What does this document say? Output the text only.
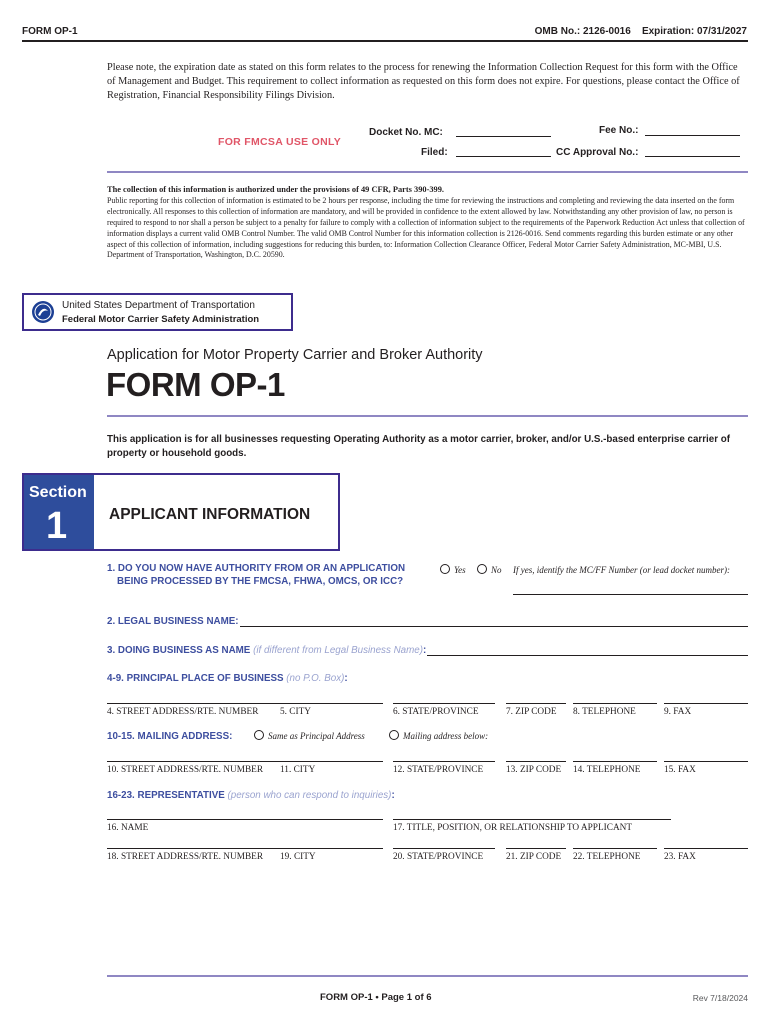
FORM OP-1	OMB No.: 2126-0016 Expiration: 07/31/2027
Please note, the expiration date as stated on this form relates to the process for renewing the Information Collection Request for this form with the Office of Management and Budget. This requirement to collect information as requested on this form does not expire. For questions, please contact the Office of Registration, Financial Responsibility Filings Division.
FOR FMCSA USE ONLY
Docket No. MC:	Fee No.:
Filed:	CC Approval No.:
The collection of this information is authorized under the provisions of 49 CFR, Parts 390-399.
Public reporting for this collection of information is estimated to be 2 hours per response, including the time for reviewing the instructions and completing and reviewing the data inserted on the form electronically. All responses to this collection of information are mandatory, and will be provided in confidence to the extent allowed by law. Notwithstanding any other provision of law, no person is required to respond to nor shall a person be subject to a penalty for failure to comply with a collection of information subject to the requirements of the Paperwork Reduction Act unless that collection of information displays a current valid OMB Control Number. The valid OMB Control Number for this information collection is 2126-0016. Send comments regarding this burden estimate or any other aspect of this collection of information, including suggestions for reducing this burden, to: Information Collection Clearance Officer, Federal Motor Carrier Safety Administration, MC-MBI, U.S. Department of Transportation, Washington, D.C. 20590.
United States Department of Transportation
Federal Motor Carrier Safety Administration
Application for Motor Property Carrier and Broker Authority
FORM OP-1
This application is for all businesses requesting Operating Authority as a motor carrier, broker, and/or U.S.-based enterprise carrier of property or household goods.
Section
1	APPLICANT INFORMATION
1. DO YOU NOW HAVE AUTHORITY FROM OR AN APPLICATION
BEING PROCESSED BY THE FMCSA, FHWA, OMCS, OR ICC?
Yes	No If yes, identify the MC/FF Number (or lead docket number):
2. LEGAL BUSINESS NAME:
3. DOING BUSINESS AS NAME (if different from Legal Business Name):
4-9. PRINCIPAL PLACE OF BUSINESS (no P.O. Box):
4. STREET ADDRESS/RTE. NUMBER 5. CITY	6. STATE/PROVINCE	7. ZIP CODE 8. TELEPHONE	9. FAX
10-15. MAILING ADDRESS:	Same as Principal Address	Mailing address below:
10. STREET ADDRESS/RTE. NUMBER 11. CITY	12. STATE/PROVINCE 13. ZIP CODE 14. TELEPHONE	15. FAX
16-23. REPRESENTATIVE (person who can respond to inquiries):
16. NAME	17. TITLE, POSITION, OR RELATIONSHIP TO APPLICANT
18. STREET ADDRESS/RTE. NUMBER 19. CITY	20. STATE/PROVINCE 21. ZIP CODE 22. TELEPHONE	23. FAX
FORM OP-1 • Page 1 of 6	Rev 7/18/2024
